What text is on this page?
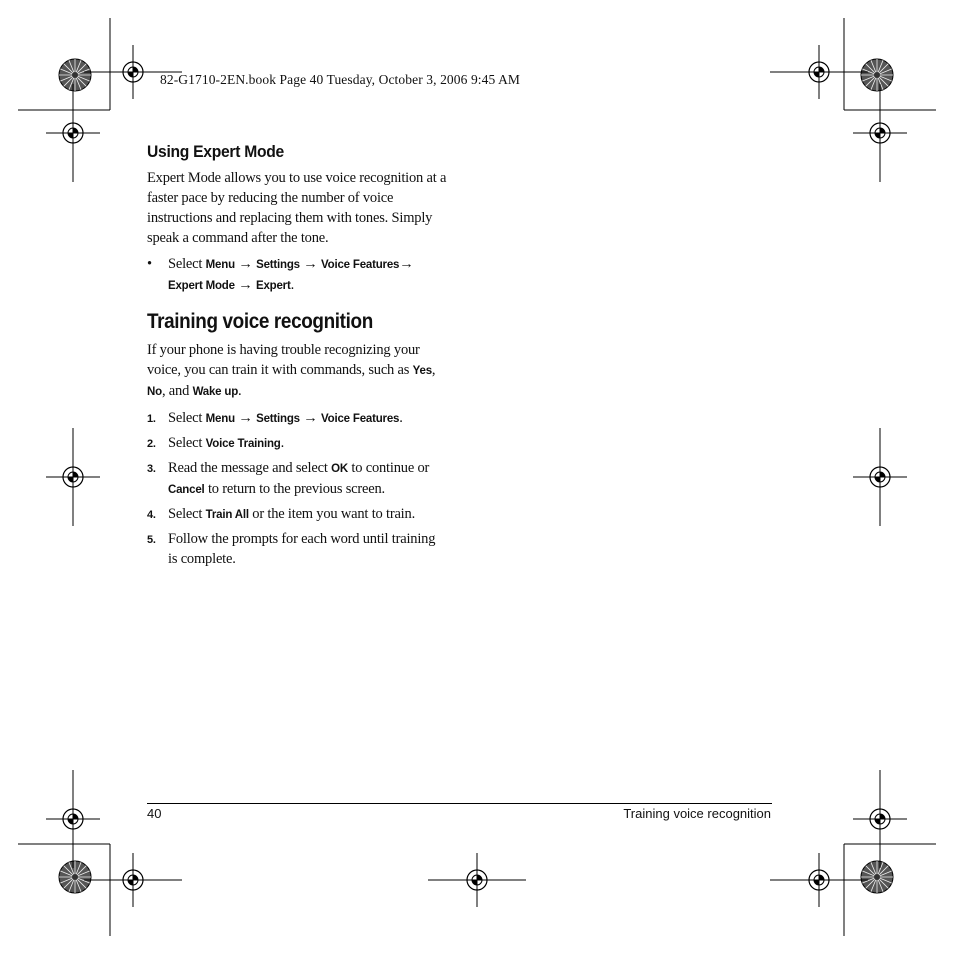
82-G1710-2EN.book Page 40 Tuesday, October 3, 2006 9:45 AM
Using Expert Mode

Expert Mode allows you to use voice recognition at a faster pace by reducing the number of voice instructions and replacing them with tones. Simply speak a command after the tone.

• Select Menu → Settings → Voice Features→ Expert Mode → Expert.
Training voice recognition

If your phone is having trouble recognizing your voice, you can train it with commands, such as Yes, No, and Wake up.

1. Select Menu → Settings → Voice Features.
2. Select Voice Training.
3. Read the message and select OK to continue or Cancel to return to the previous screen.
4. Select Train All or the item you want to train.
5. Follow the prompts for each word until training is complete.
40	Training voice recognition
